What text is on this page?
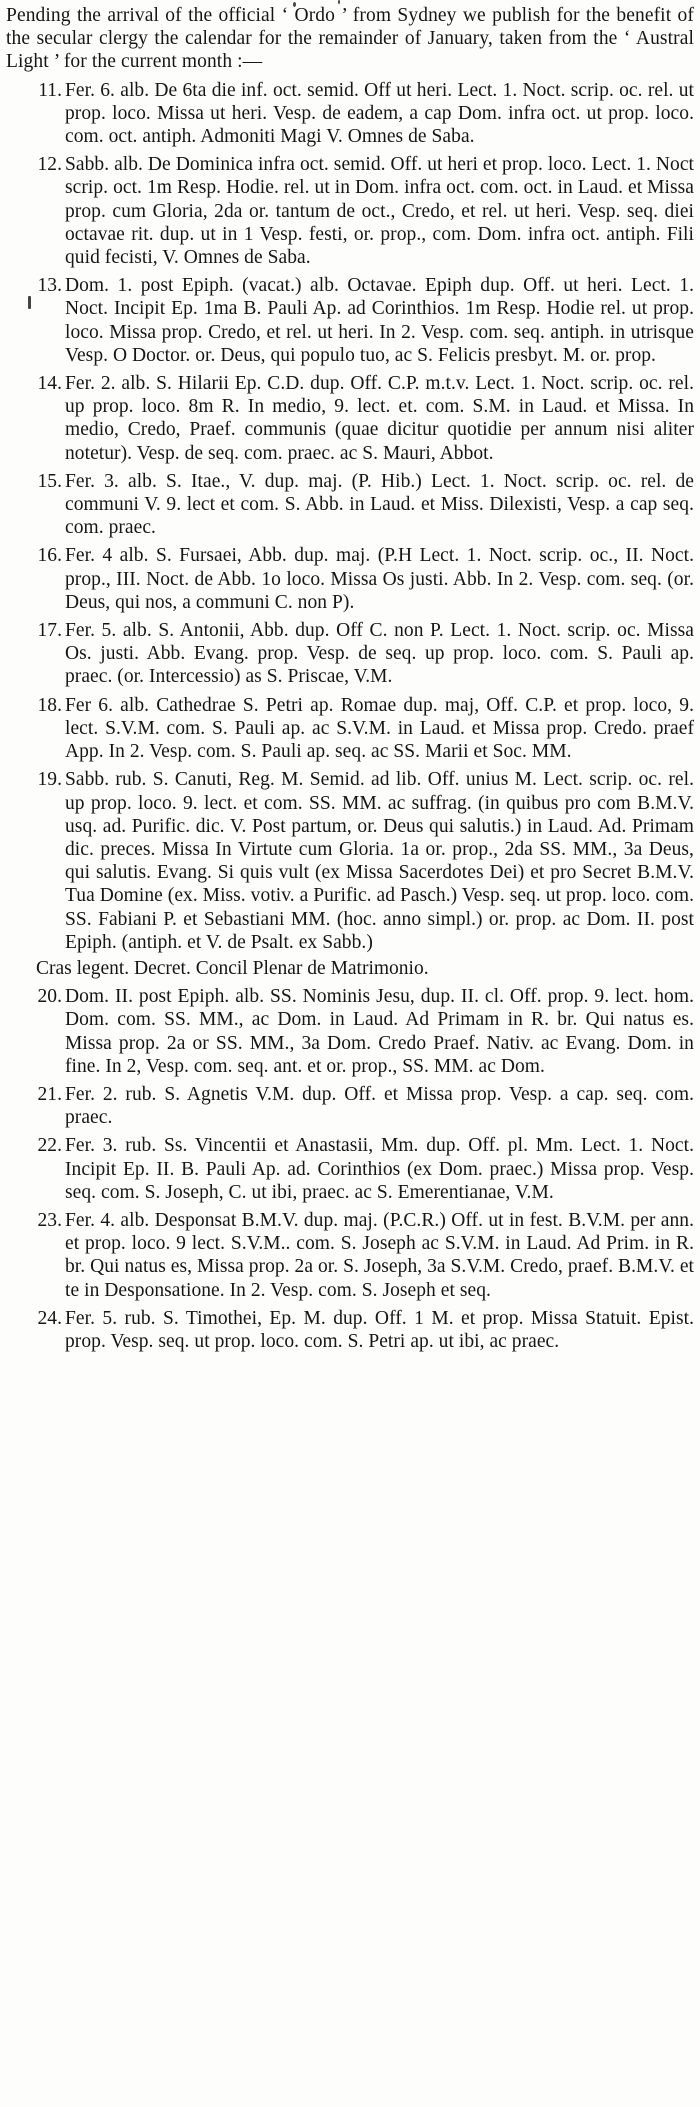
Pending the arrival of the official ‘ Ordo ’ from Sydney we publish for the benefit of the secular clergy the calendar for the remainder of January, taken from the ‘ Austral Light ’ for the current month :—

11. Fer. 6. alb. De 6ta die inf. oct. semid. Off ut heri. Lect. 1. Noct. scrip. oc. rel. ut prop. loco. Missa ut heri. Vesp. de eadem, a cap Dom. infra oct. ut prop. loco. com. oct. antiph. Admoniti Magi V. Omnes de Saba.
12. Sabb. alb. De Dominica infra oct. semid. Off. ut heri et prop. loco. Lect. 1. Noct scrip. oct. 1m Resp. Hodie. rel. ut in Dom. infra oct. com. oct. in Laud. et Missa prop. cum Gloria, 2da or. tantum de oct., Credo, et rel. ut heri. Vesp. seq. diei octavae rit. dup. ut in 1 Vesp. festi, or. prop., com. Dom. infra oct. antiph. Fili quid fecisti, V. Omnes de Saba.
13. Dom. 1. post Epiph. (vacat.) alb. Octavae. Epiph dup. Off. ut heri. Lect. 1. Noct. Incipit Ep. 1ma B. Pauli Ap. ad Corinthios. 1m Resp. Hodie rel. ut prop. loco. Missa prop. Credo, et rel. ut heri. In 2. Vesp. com. seq. antiph. in utrisque Vesp. O Doctor. or. Deus, qui populo tuo, ac S. Felicis presbyt. M. or. prop.
14. Fer. 2. alb. S. Hilarii Ep. C.D. dup. Off. C.P. m.t.v. Lect. 1. Noct. scrip. oc. rel. up prop. loco. 8m R. In medio, 9. lect. et. com. S.M. in Laud. et Missa. In medio, Credo, Praef. communis (quae dicitur quotidie per annum nisi aliter notetur). Vesp. de seq. com. praec. ac S. Mauri, Abbot.
15. Fer. 3. alb. S. Itae., V. dup. maj. (P. Hib.) Lect. 1. Noct. scrip. oc. rel. de communi V. 9. lect et com. S. Abb. in Laud. et Miss. Dilexisti, Vesp. a cap seq. com. praec.
16. Fer. 4 alb. S. Fursaei, Abb. dup. maj. (P.H Lect. 1. Noct. scrip. oc., II. Noct. prop., III. Noct. de Abb. 1o loco. Missa Os justi. Abb. In 2. Vesp. com. seq. (or. Deus, qui nos, a communi C. non P).
17. Fer. 5. alb. S. Antonii, Abb. dup. Off C. non P. Lect. 1. Noct. scrip. oc. Missa Os. justi. Abb. Evang. prop. Vesp. de seq. up prop. loco. com. S. Pauli ap. praec. (or. Intercessio) as S. Priscae, V.M.
18. Fer 6. alb. Cathedrae S. Petri ap. Romae dup. maj, Off. C.P. et prop. loco, 9. lect. S.V.M. com. S. Pauli ap. ac S.V.M. in Laud. et Missa prop. Credo. praef App. In 2. Vesp. com. S. Pauli ap. seq. ac SS. Marii et Soc. MM.
19. Sabb. rub. S. Canuti, Reg. M. Semid. ad lib. Off. unius M. Lect. scrip. oc. rel. up prop. loco. 9. lect. et com. SS. MM. ac suffrag. (in quibus pro com B.M.V. usq. ad. Purific. dic. V. Post partum, or. Deus qui salutis.) in Laud. Ad. Primam dic. preces. Missa In Virtute cum Gloria. 1a or. prop., 2da SS. MM., 3a Deus, qui salutis. Evang. Si quis vult (ex Missa Sacerdotes Dei) et pro Secret B.M.V. Tua Domine (ex. Miss. votiv. a Purific. ad Pasch.) Vesp. seq. ut prop. loco. com. SS. Fabiani P. et Sebastiani MM. (hoc. anno simpl.) or. prop. ac Dom. II. post Epiph. (antiph. et V. de Psalt. ex Sabb.)

Cras legent. Decret. Concil Plenar de Matrimonio.

20. Dom. II. post Epiph. alb. SS. Nominis Jesu, dup. II. cl. Off. prop. 9. lect. hom. Dom. com. SS. MM., ac Dom. in Laud. Ad Primam in R. br. Qui natus es. Missa prop. 2a or SS. MM., 3a Dom. Credo Praef. Nativ. ac Evang. Dom. in fine. In 2, Vesp. com. seq. ant. et or. prop., SS. MM. ac Dom.
21. Fer. 2. rub. S. Agnetis V.M. dup. Off. et Missa prop. Vesp. a cap. seq. com. praec.
22. Fer. 3. rub. Ss. Vincentii et Anastasii, Mm. dup. Off. pl. Mm. Lect. 1. Noct. Incipit Ep. II. B. Pauli Ap. ad. Corinthios (ex Dom. praec.) Missa prop. Vesp. seq. com. S. Joseph, C. ut ibi, praec. ac S. Emerentianae, V.M.
23. Fer. 4. alb. Desponsat B.M.V. dup. maj. (P.C.R.) Off. ut in fest. B.V.M. per ann. et prop. loco. 9 lect. S.V.M.. com. S. Joseph ac S.V.M. in Laud. Ad Prim. in R. br. Qui natus es, Missa prop. 2a or. S. Joseph, 3a S.V.M. Credo, praef. B.M.V. et te in Desponsatione. In 2. Vesp. com. S. Joseph et seq.
24. Fer. 5. rub. S. Timothei, Ep. M. dup. Off. 1 M. et prop. Missa Statuit. Epist. prop. Vesp. seq. ut prop. loco. com. S. Petri ap. ut ibi, ac praec.
